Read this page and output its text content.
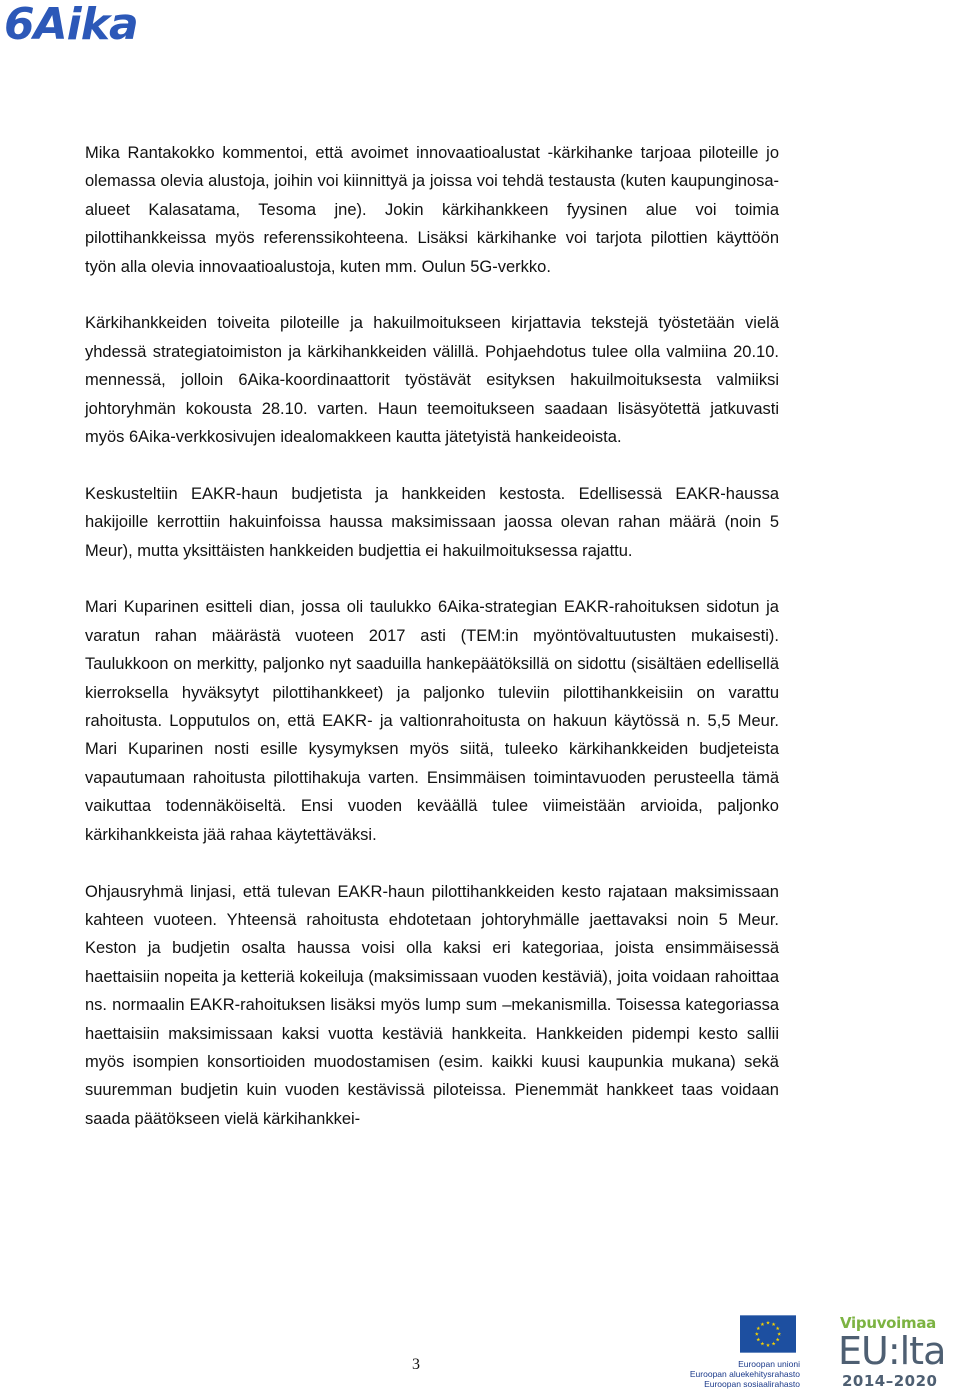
6Aika

Mika Rantakokko kommentoi, että avoimet innovaatioalustat -kärkihanke tarjoaa piloteille jo olemassa olevia alustoja, joihin voi kiinnittyä ja joissa voi tehdä testausta (kuten kaupunginosa-alueet Kalasatama, Tesoma jne). Jokin kärkihankkeen fyysinen alue voi toimia pilottihankkeissa myös referenssikohteena. Lisäksi kärkihanke voi tarjota pilottien käyttöön työn alla olevia innovaatioalustoja, kuten mm. Oulun 5G-verkko.

Kärkihankkeiden toiveita piloteille ja hakuilmoitukseen kirjattavia tekstejä työstetään vielä yhdessä strategiatoimiston ja kärkihankkeiden välillä. Pohjaehdotus tulee olla valmiina 20.10. mennessä, jolloin 6Aika-koordinaattorit työstävät esityksen hakuilmoituksesta valmiiksi johtoryhmän kokousta 28.10. varten. Haun teemoitukseen saadaan lisäsyötettä jatkuvasti myös 6Aika-verkkosivujen idealomakkeen kautta jätetyistä hankeideoista.

Keskusteltiin EAKR-haun budjetista ja hankkeiden kestosta. Edellisessä EAKR-haussa hakijoille kerrottiin hakuinfoissa haussa maksimissaan jaossa olevan rahan määrä (noin 5 Meur), mutta yksittäisten hankkeiden budjettia ei hakuilmoituksessa rajattu.

Mari Kuparinen esitteli dian, jossa oli taulukko 6Aika-strategian EAKR-rahoituksen sidotun ja varatun rahan määrästä vuoteen 2017 asti (TEM:in myöntövaltuutusten mukaisesti). Taulukkoon on merkitty, paljonko nyt saaduilla hankepäätöksillä on sidottu (sisältäen edellisellä kierroksella hyväksytyt pilottihankkeet) ja paljonko tuleviin pilottihankkeisiin on varattu rahoitusta. Lopputulos on, että EAKR- ja valtionrahoitusta on hakuun käytössä n. 5,5 Meur. Mari Kuparinen nosti esille kysymyksen myös siitä, tuleeko kärkihankkeiden budjeteista vapautumaan rahoitusta pilottihakuja varten. Ensimmäisen toimintavuoden perusteella tämä vaikuttaa todennäköiseltä. Ensi vuoden keväällä tulee viimeistään arvioida, paljonko kärkihankkeista jää rahaa käytettäväksi.

Ohjausryhmä linjasi, että tulevan EAKR-haun pilottihankkeiden kesto rajataan maksimissaan kahteen vuoteen. Yhteensä rahoitusta ehdotetaan johtoryhmälle jaettavaksi noin 5 Meur. Keston ja budjetin osalta haussa voisi olla kaksi eri kategoriaa, joista ensimmäisessä haettaisiin nopeita ja ketteriä kokeiluja (maksimissaan vuoden kestäviä), joita voidaan rahoittaa ns. normaalin EAKR-rahoituksen lisäksi myös lump sum –mekanismilla. Toisessa kategoriassa haettaisiin maksimissaan kaksi vuotta kestäviä hankkeita. Hankkeiden pidempi kesto sallii myös isompien konsortioiden muodostamisen (esim. kaikki kuusi kaupunkia mukana) sekä suuremman budjetin kuin vuoden kestävissä piloteissa. Pienemmät hankkeet taas voidaan saada päätökseen vielä kärkihankkei-

3	Euroopan unioni
Euroopan aluekehitysrahasto
Euroopan sosiaalirahasto
Vipuvoimaa
EU:lta
2014–2020
